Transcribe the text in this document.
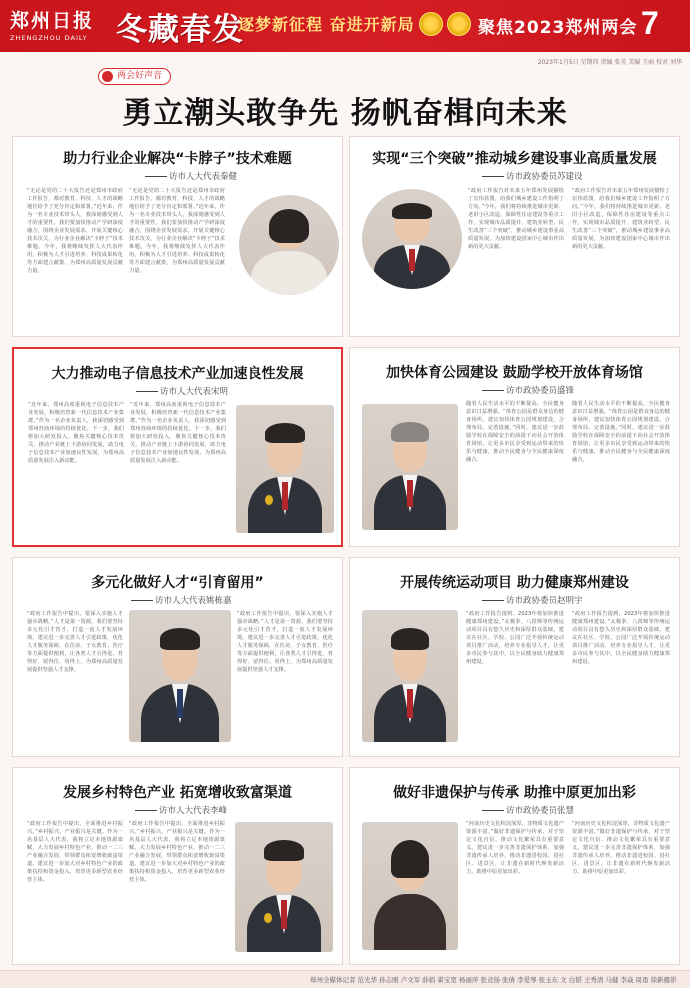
郑州日报
ZHENGZHOU DAILY 冬藏春发
逐梦新征程 奋进开新局	聚焦2023郑州两会 7
2023年1月5日 星期四 责编 张英 美编 王丽 校对 刘华
两会好声音
勇立潮头敢争先 扬帆奋楫向未来
助力行业企业解决“卡脖子”技术难题
访市人大代表秦健
“无论是党的二十大报告还是郑州市政府工作报告，都对教育、科技、人才的战略地位给予了充分肯定和部署。”近年来，作为一名专业技术带头人，我深刻感受到人才的重要性。我们要加快推动产学研深度融合，围绕企业发展需求，开展关键核心技术攻关，为行业企业解决“卡脖子”技术难题。今年，我将继续发挥人大代表作用，积极为人才引进培养、科技成果转化等方面建言献策，为郑州高质量发展贡献力量。
“无论是党的二十大报告还是郑州市政府工作报告，都对教育、科技、人才的战略地位给予了充分肯定和部署。”近年来，作为一名专业技术带头人，我深刻感受到人才的重要性。我们要加快推动产学研深度融合，围绕企业发展需求，开展关键核心技术攻关，为行业企业解决“卡脖子”技术难题。今年，我将继续发挥人大代表作用，积极为人才引进培养、科技成果转化等方面建言献策，为郑州高质量发展贡献力量。
实现“三个突破”推动城乡建设事业高质量发展
访市政协委员苏建设
“政府工作报告对未来五年郑州发展描绘了宏伟蓝图，给我们城乡建设工作指明了方向。”今年，我们将持续推进城市更新、老旧小区改造、保障性住房建设等重点工作，实现城市品质提升、建筑业转型、民生改善“三个突破”，推动城乡建设事业高质量发展，为加快建设国家中心城市作出新的更大贡献。
“政府工作报告对未来五年郑州发展描绘了宏伟蓝图，给我们城乡建设工作指明了方向。”今年，我们将持续推进城市更新、老旧小区改造、保障性住房建设等重点工作，实现城市品质提升、建筑业转型、民生改善“三个突破”，推动城乡建设事业高质量发展，为加快建设国家中心城市作出新的更大贡献。
大力推动电子信息技术产业加速良性发展
访市人大代表宋明
“近年来，郑州高度重视电子信息技术产业发展，积极培育新一代信息技术产业集群。”作为一名企业负责人，我深切感受到郑州营商环境的持续优化。下一步，我们将加大研发投入，聚焦关键核心技术攻关，推动产业链上下游协同发展，助力电子信息技术产业加速良性发展，为郑州高质量发展注入新动能。
“近年来，郑州高度重视电子信息技术产业发展，积极培育新一代信息技术产业集群。”作为一名企业负责人，我深切感受到郑州营商环境的持续优化。下一步，我们将加大研发投入，聚焦关键核心技术攻关，推动产业链上下游协同发展，助力电子信息技术产业加速良性发展，为郑州高质量发展注入新动能。
加快体育公园建设 鼓励学校开放体育场馆
访市政协委员盛锋
随着人民生活水平的不断提高，全民健身意识日益增强。“体育公园是群众身边的健身场所，建议加快体育公园规划建设，合理布局、完善设施。”同时，建议进一步鼓励学校在保障安全的前提下向社会开放体育场馆，让更多市民享受到运动带来的快乐与健康，推动全民健身与全民健康深度融合。
随着人民生活水平的不断提高，全民健身意识日益增强。“体育公园是群众身边的健身场所，建议加快体育公园规划建设，合理布局、完善设施。”同时，建议进一步鼓励学校在保障安全的前提下向社会开放体育场馆，让更多市民享受到运动带来的快乐与健康，推动全民健身与全民健康深度融合。
多元化做好人才“引育留用”
访市人大代表姚栋嘉
“政府工作报告中提出，要深入实施人才强市战略。”人才是第一资源，我们要坚持多元化引才育才，打造一流人才发展环境。建议进一步完善人才引进政策，优化人才服务保障，在住房、子女教育、医疗等方面提供便利，让各类人才引得进、育得好、留得住、用得上，为郑州高质量发展提供坚强人才支撑。
“政府工作报告中提出，要深入实施人才强市战略。”人才是第一资源，我们要坚持多元化引才育才，打造一流人才发展环境。建议进一步完善人才引进政策，优化人才服务保障，在住房、子女教育、医疗等方面提供便利，让各类人才引得进、育得好、留得住、用得上，为郑州高质量发展提供坚强人才支撑。
开展传统运动项目 助力健康郑州建设
访市政协委员赵明宇
“政府工作报告提到，2023年将加快推进健康郑州建设。”太极拳、八段锦等传统运动项目具有悠久历史和深厚群众基础，建议在社区、学校、公园广泛开展传统运动项目推广活动，培养专业指导人才，让更多市民参与其中，以全民健身助力健康郑州建设。
“政府工作报告提到，2023年将加快推进健康郑州建设。”太极拳、八段锦等传统运动项目具有悠久历史和深厚群众基础，建议在社区、学校、公园广泛开展传统运动项目推广活动，培养专业指导人才，让更多市民参与其中，以全民健身助力健康郑州建设。
发展乡村特色产业 拓宽增收致富渠道
访市人大代表李峰
“政府工作报告中提出，全面推进乡村振兴。”乡村振兴，产业振兴是关键。作为一名基层人大代表，我将立足本地资源禀赋，大力发展乡村特色产业，推动一二三产业融合发展，带领群众拓宽增收致富渠道。建议进一步加大对乡村特色产业的政策扶持和资金投入，培育更多新型农业经营主体。
“政府工作报告中提出，全面推进乡村振兴。”乡村振兴，产业振兴是关键。作为一名基层人大代表，我将立足本地资源禀赋，大力发展乡村特色产业，推动一二三产业融合发展，带领群众拓宽增收致富渠道。建议进一步加大对乡村特色产业的政策扶持和资金投入，培育更多新型农业经营主体。
做好非遗保护与传承 助推中原更加出彩
访市政协委员张慧
“河南历史文化积淀深厚，非物质文化遗产资源丰富。”做好非遗保护与传承，对于坚定文化自信、推动文化繁荣具有重要意义。建议进一步完善非遗保护体系，加强非遗传承人培养，推动非遗进校园、进社区、进景区，让非遗在新时代焕发新活力，助推中原更加出彩。
“河南历史文化积淀深厚，非物质文化遗产资源丰富。”做好非遗保护与传承，对于坚定文化自信、推动文化繁荣具有重要意义。建议进一步完善非遗保护体系，加强非遗传承人培养，推动非遗进校园、进社区、进景区，让非遗在新时代焕发新活力，助推中原更加出彩。
郑州全媒体记者 范光华 孙志刚 卢文军 薛娟 翟宝宽 杨丽萍 张竞扬 张倩 李爱琴 张玉东 文 白韬 王秀清 马健 李焱 周甬 徐新摄影
